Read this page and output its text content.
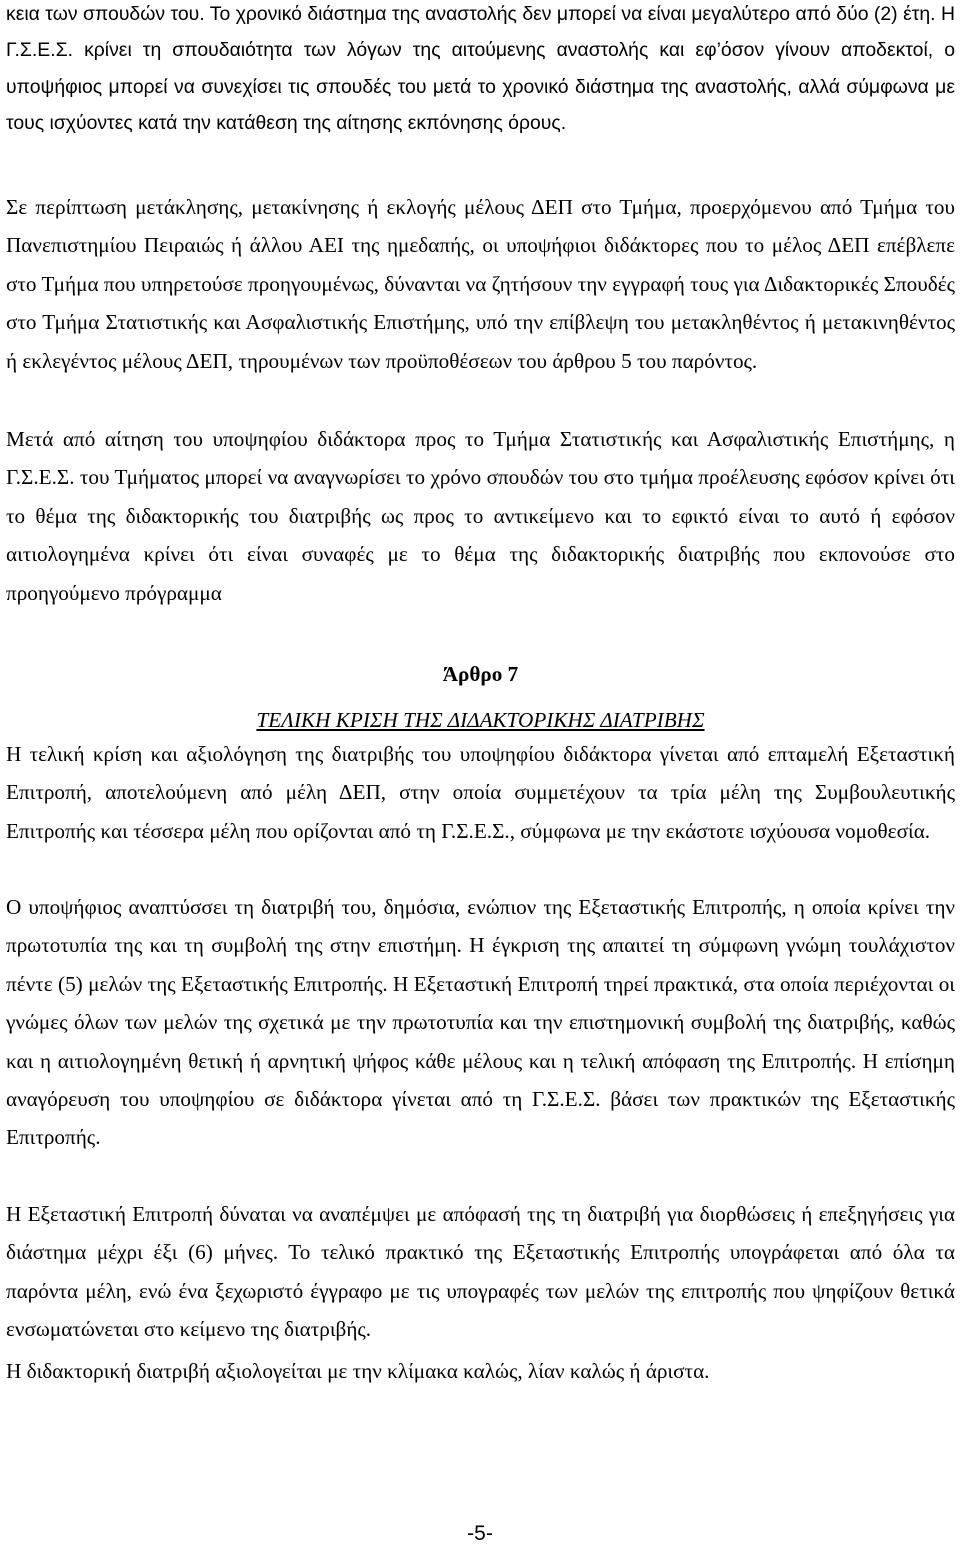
κεια των σπουδών του. Το χρονικό διάστημα της αναστολής δεν μπορεί να είναι μεγαλύτερο από δύο (2) έτη. Η Γ.Σ.Ε.Σ. κρίνει τη σπουδαιότητα των λόγων της αιτούμενης αναστολής και εφ’όσον γίνουν αποδεκτοί, ο υποψήφιος μπορεί να συνεχίσει τις σπουδές του μετά το χρονικό διάστημα της αναστολής, αλλά σύμφωνα με τους ισχύοντες κατά την κατάθεση της αίτησης εκπόνησης όρους.

Σε περίπτωση μετάκλησης, μετακίνησης ή εκλογής μέλους ΔΕΠ στο Τμήμα, προερχόμενου από Τμήμα του Πανεπιστημίου Πειραιώς ή άλλου ΑΕΙ της ημεδαπής, οι υποψήφιοι διδάκτορες που το μέλος ΔΕΠ επέβλεπε στο Τμήμα που υπηρετούσε προηγουμένως, δύνανται να ζητήσουν την εγγραφή τους για Διδακτορικές Σπουδές στο Τμήμα Στατιστικής και Ασφαλιστικής Επιστήμης, υπό την επίβλεψη του μετακληθέντος ή μετακινηθέντος ή εκλεγέντος μέλους ΔΕΠ, τηρουμένων των προϋποθέσεων του άρθρου 5 του παρόντος.

Μετά από αίτηση του υποψηφίου διδάκτορα προς το Τμήμα Στατιστικής και Ασφαλιστικής Επιστήμης, η Γ.Σ.Ε.Σ. του Τμήματος μπορεί να αναγνωρίσει το χρόνο σπουδών του στο τμήμα προέλευσης εφόσον κρίνει ότι το θέμα της διδακτορικής του διατριβής ως προς το αντικείμενο και το εφικτό είναι το αυτό ή εφόσον αιτιολογημένα κρίνει ότι είναι συναφές με το θέμα της διδακτορικής διατριβής που εκπονούσε στο προηγούμενο πρόγραμμα

Άρθρο 7
ΤΕΛΙΚΗ ΚΡΙΣΗ ΤΗΣ ΔΙΔΑΚΤΟΡΙΚΗΣ ΔΙΑΤΡΙΒΗΣ

Η τελική κρίση και αξιολόγηση της διατριβής του υποψηφίου διδάκτορα γίνεται από επταμελή Εξεταστική Επιτροπή, αποτελούμενη από μέλη ΔΕΠ, στην οποία συμμετέχουν τα τρία μέλη της Συμβουλευτικής Επιτροπής και τέσσερα μέλη που ορίζονται από τη Γ.Σ.Ε.Σ., σύμφωνα με την εκάστοτε ισχύουσα νομοθεσία.

Ο υποψήφιος αναπτύσσει τη διατριβή του, δημόσια, ενώπιον της Εξεταστικής Επιτροπής, η οποία κρίνει την πρωτοτυπία της και τη συμβολή της στην επιστήμη. Η έγκριση της απαιτεί τη σύμφωνη γνώμη τουλάχιστον πέντε (5) μελών της Εξεταστικής Επιτροπής. Η Εξεταστική Επιτροπή τηρεί πρακτικά, στα οποία περιέχονται οι γνώμες όλων των μελών της σχετικά με την πρωτοτυπία και την επιστημονική συμβολή της διατριβής, καθώς και η αιτιολογημένη θετική ή αρνητική ψήφος κάθε μέλους και η τελική απόφαση της Επιτροπής. Η επίσημη αναγόρευση του υποψηφίου σε διδάκτορα γίνεται από τη Γ.Σ.Ε.Σ. βάσει των πρακτικών της Εξεταστικής Επιτροπής.

Η Εξεταστική Επιτροπή δύναται να αναπέμψει με απόφασή της τη διατριβή για διορθώσεις ή επεξηγήσεις για διάστημα μέχρι έξι (6) μήνες. Το τελικό πρακτικό της Εξεταστικής Επιτροπής υπογράφεται από όλα τα παρόντα μέλη, ενώ ένα ξεχωριστό έγγραφο με τις υπογραφές των μελών της επιτροπής που ψηφίζουν θετικά ενσωματώνεται στο κείμενο της διατριβής.

Η διδακτορική διατριβή αξιολογείται με την κλίμακα καλώς, λίαν καλώς ή άριστα.

-5-
